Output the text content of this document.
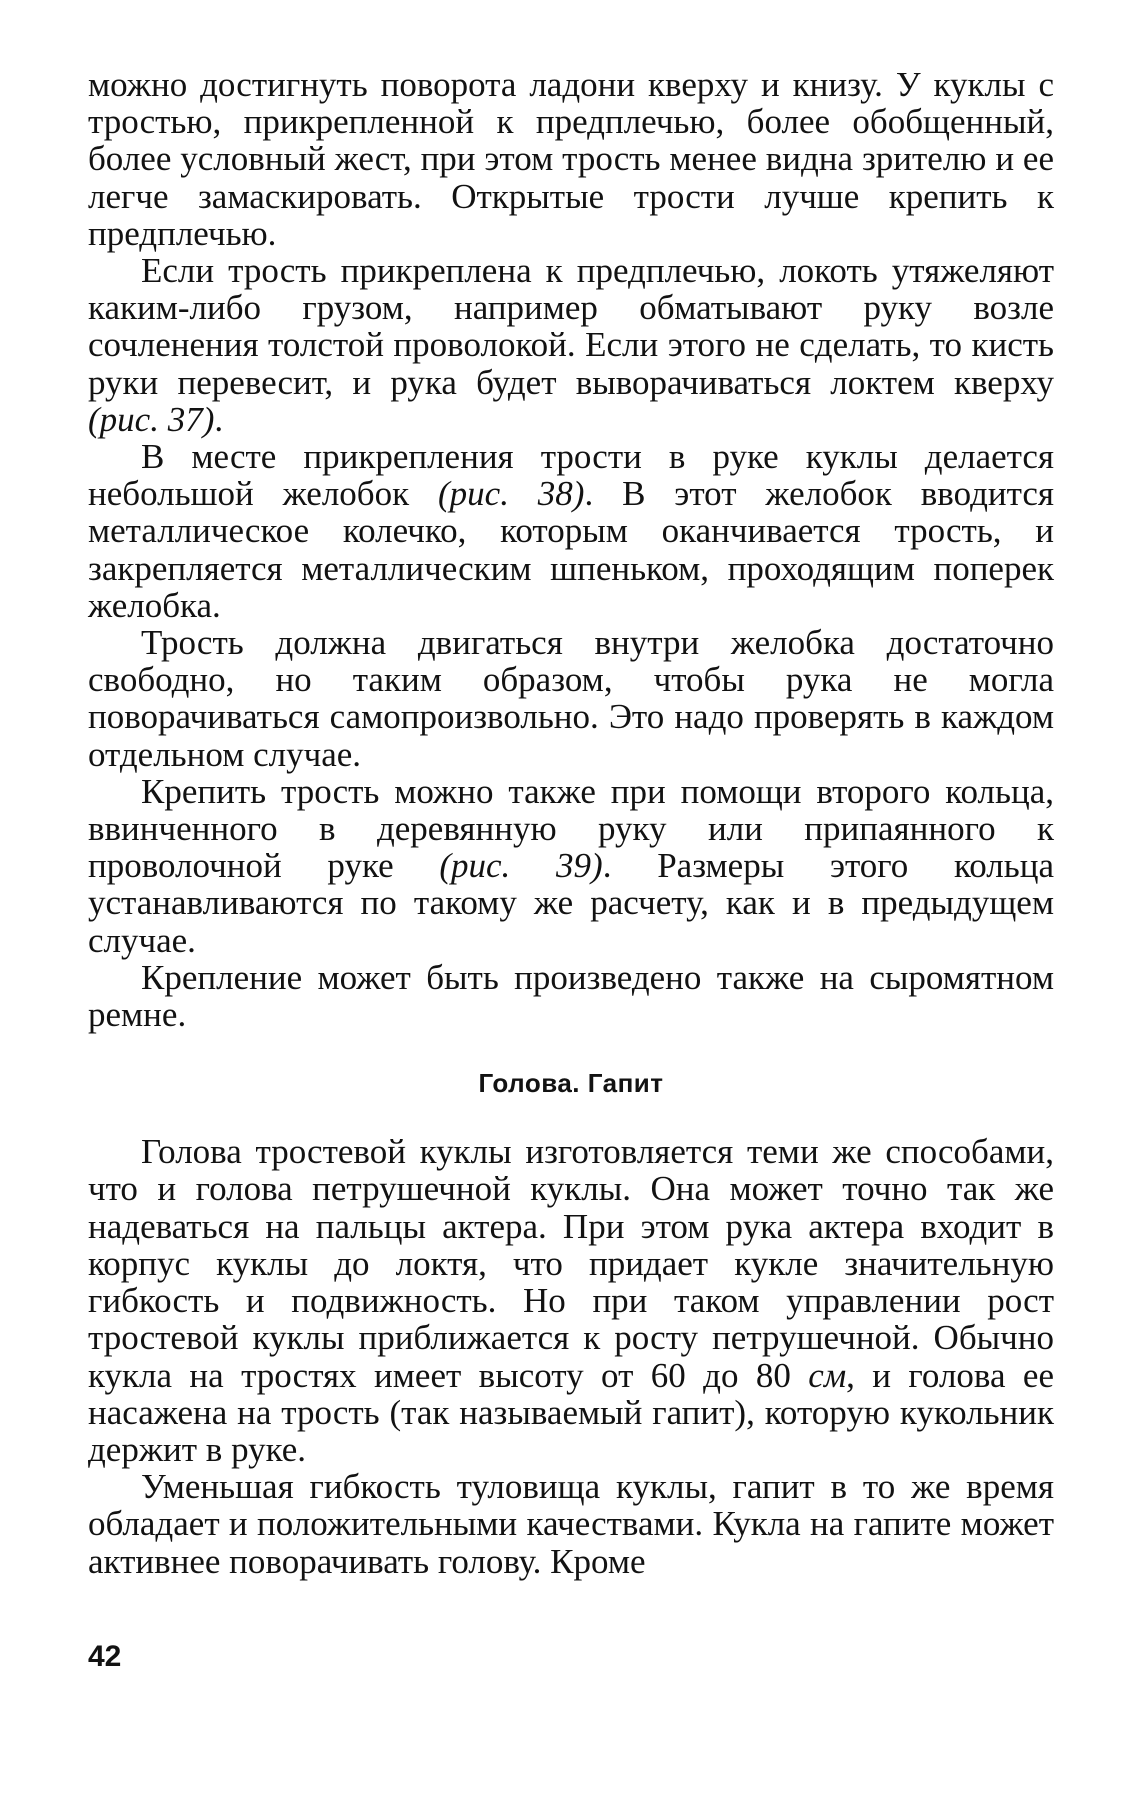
можно достигнуть поворота ладони кверху и книзу. У куклы с тростью, прикрепленной к предплечью, более обобщенный, более условный жест, при этом трость менее видна зрителю и ее легче замаскировать. Открытые трости лучше крепить к предплечью.

Если трость прикреплена к предплечью, локоть утяжеляют каким-либо грузом, например обматывают руку возле сочленения толстой проволокой. Если этого не сделать, то кисть руки перевесит, и рука будет выворачиваться локтем кверху (рис. 37).

В месте прикрепления трости в руке куклы делается небольшой желобок (рис. 38). В этот желобок вводится металлическое колечко, которым оканчивается трость, и закрепляется металлическим шпеньком, проходящим поперек желобка.

Трость должна двигаться внутри желобка достаточно свободно, но таким образом, чтобы рука не могла поворачиваться самопроизвольно. Это надо проверять в каждом отдельном случае.

Крепить трость можно также при помощи второго кольца, ввинченного в деревянную руку или припаянного к проволочной руке (рис. 39). Размеры этого кольца устанавливаются по такому же расчету, как и в предыдущем случае.

Крепление может быть произведено также на сыромятном ремне.

Голова. Гапит

Голова тростевой куклы изготовляется теми же способами, что и голова петрушечной куклы. Она может точно так же надеваться на пальцы актера. При этом рука актера входит в корпус куклы до локтя, что придает кукле значительную гибкость и подвижность. Но при таком управлении рост тростевой куклы приближается к росту петрушечной. Обычно кукла на тростях имеет высоту от 60 до 80 см, и голова ее насажена на трость (так называемый гапит), которую кукольник держит в руке.

Уменьшая гибкость туловища куклы, гапит в то же время обладает и положительными качествами. Кукла на гапите может активнее поворачивать голову. Кроме

42
